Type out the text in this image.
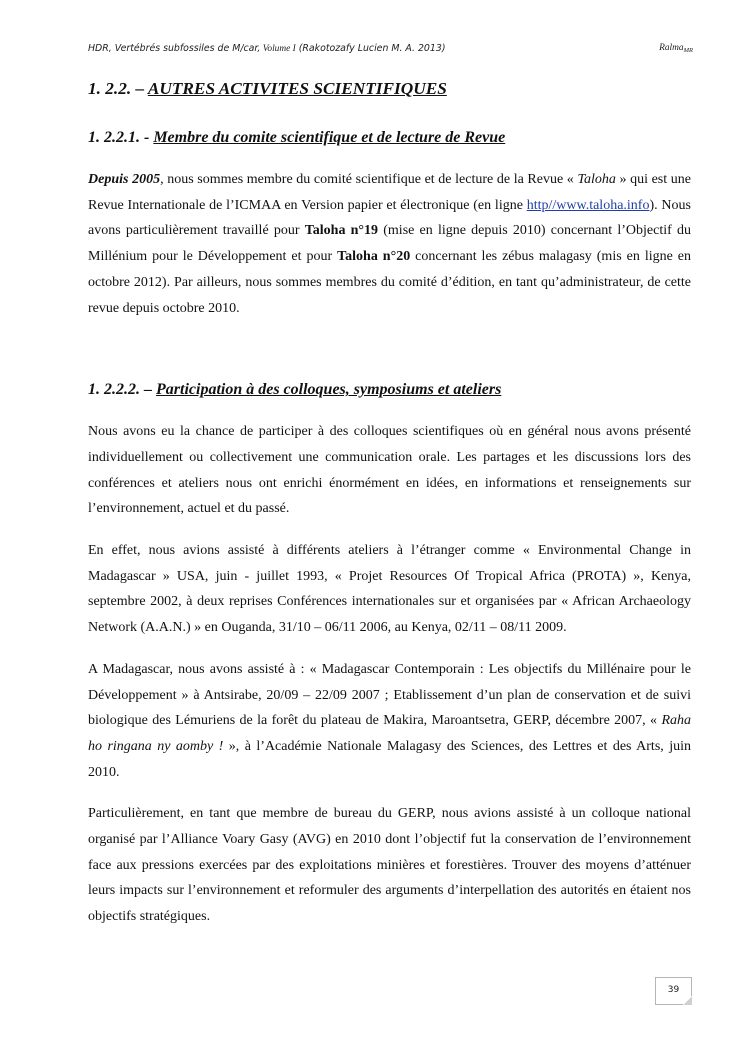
HDR, Vertébrés subfossiles de M/car, Volume I (Rakotozafy Lucien M. A. 2013)	Ralma$_{MR}$
1. 2.2. – AUTRES ACTIVITES SCIENTIFIQUES
1. 2.2.1. - Membre du comite scientifique et de lecture de Revue

Depuis 2005, nous sommes membre du comité scientifique et de lecture de la Revue « Taloha » qui est une Revue Internationale de l’ICMAA en Version papier et électronique (en ligne http//www.taloha.info). Nous avons particulièrement travaillé pour Taloha n°19 (mise en ligne depuis 2010) concernant l’Objectif du Millénium pour le Développement et pour Taloha n°20 concernant les zébus malagasy (mis en ligne en octobre 2012). Par ailleurs, nous sommes membres du comité d’édition, en tant qu’administrateur, de cette revue depuis octobre 2010.

1. 2.2.2. – Participation à des colloques, symposiums et ateliers

Nous avons eu la chance de participer à des colloques scientifiques où en général nous avons présenté individuellement ou collectivement une communication orale. Les partages et les discussions lors des conférences et ateliers nous ont enrichi énormément en idées, en informations et renseignements sur l’environnement, actuel et du passé.

En effet, nous avions assisté à différents ateliers à l’étranger comme « Environmental Change in Madagascar » USA, juin - juillet 1993, « Projet Resources Of Tropical Africa (PROTA) », Kenya, septembre 2002, à deux reprises Conférences internationales sur et organisées par « African Archaeology Network (A.A.N.) » en Ouganda, 31/10 – 06/11 2006, au Kenya, 02/11 – 08/11 2009.

A Madagascar, nous avons assisté à : « Madagascar Contemporain : Les objectifs du Millénaire pour le Développement » à Antsirabe, 20/09 – 22/09 2007 ; Etablissement d’un plan de conservation et de suivi biologique des Lémuriens de la forêt du plateau de Makira, Maroantsetra, GERP, décembre 2007, « Raha ho ringana ny aomby ! », à l’Académie Nationale Malagasy des Sciences, des Lettres et des Arts, juin 2010.

Particulièrement, en tant que membre de bureau du GERP, nous avions assisté à un colloque national organisé par l’Alliance Voary Gasy (AVG) en 2010 dont l’objectif fut la conservation de l’environnement face aux pressions exercées par des exploitations minières et forestières. Trouver des moyens d’atténuer leurs impacts sur l’environnement et reformuler des arguments d’interpellation des autorités en étaient nos objectifs stratégiques.

39
